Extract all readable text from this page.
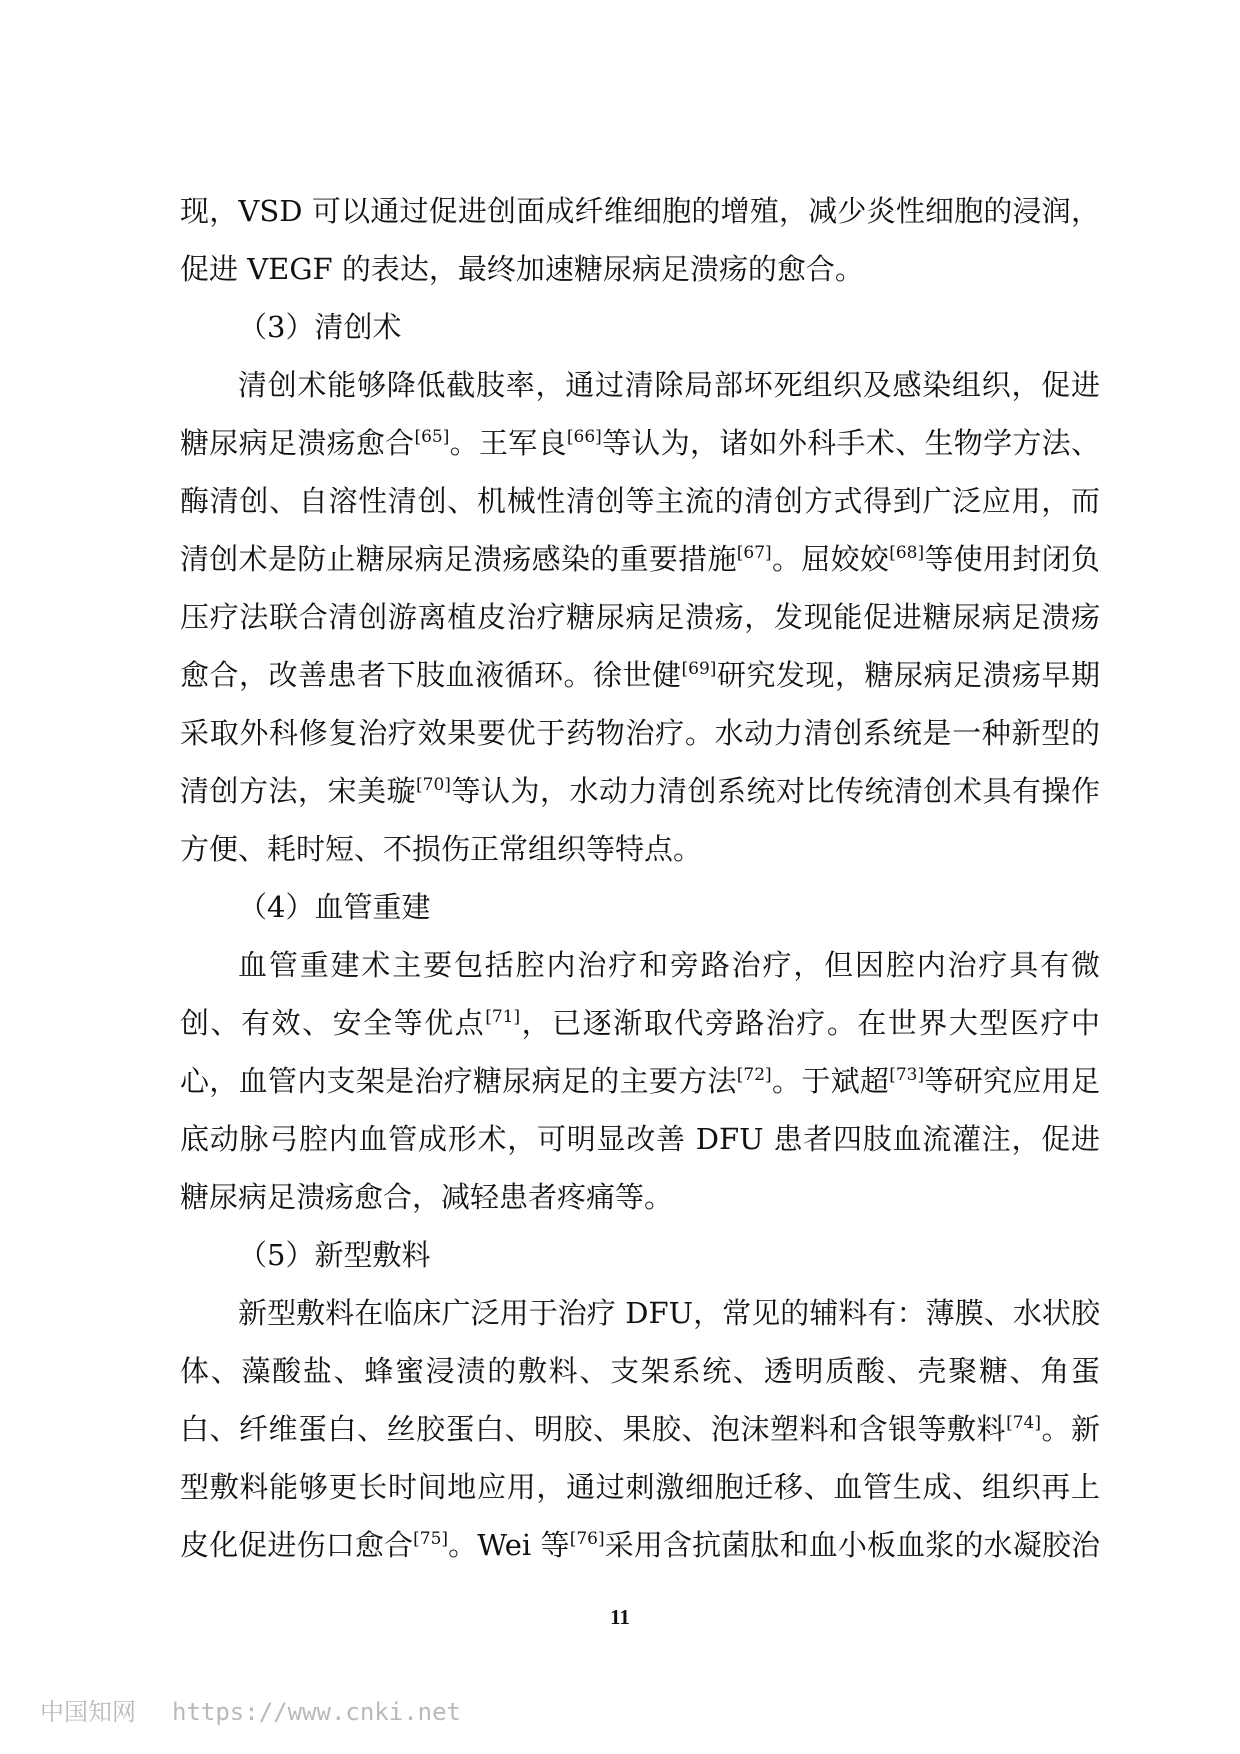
现，VSD 可以通过促进创面成纤维细胞的增殖，减少炎性细胞的浸润，
促进 VEGF 的表达，最终加速糖尿病足溃疡的愈合。
（3）清创术
清创术能够降低截肢率，通过清除局部坏死组织及感染组织，促进
糖尿病足溃疡愈合[65]。王军良[66]等认为，诸如外科手术、生物学方法、
酶清创、自溶性清创、机械性清创等主流的清创方式得到广泛应用，而
清创术是防止糖尿病足溃疡感染的重要措施[67]。屈姣姣[68]等使用封闭负
压疗法联合清创游离植皮治疗糖尿病足溃疡，发现能促进糖尿病足溃疡
愈合，改善患者下肢血液循环。徐世健[69]研究发现，糖尿病足溃疡早期
采取外科修复治疗效果要优于药物治疗。水动力清创系统是一种新型的
清创方法，宋美璇[70]等认为，水动力清创系统对比传统清创术具有操作
方便、耗时短、不损伤正常组织等特点。
（4）血管重建
血管重建术主要包括腔内治疗和旁路治疗，但因腔内治疗具有微
创、有效、安全等优点[71]，已逐渐取代旁路治疗。在世界大型医疗中
心，血管内支架是治疗糖尿病足的主要方法[72]。于斌超[73]等研究应用足
底动脉弓腔内血管成形术，可明显改善 DFU 患者四肢血流灌注，促进
糖尿病足溃疡愈合，减轻患者疼痛等。
（5）新型敷料
新型敷料在临床广泛用于治疗 DFU，常见的辅料有：薄膜、水状胶
体、藻酸盐、蜂蜜浸渍的敷料、支架系统、透明质酸、壳聚糖、角蛋
白、纤维蛋白、丝胶蛋白、明胶、果胶、泡沫塑料和含银等敷料[74]。新
型敷料能够更长时间地应用，通过刺激细胞迁移、血管生成、组织再上
皮化促进伤口愈合[75]。Wei 等[76]采用含抗菌肽和血小板血浆的水凝胶治
11
中国知网 https://www.cnki.net
